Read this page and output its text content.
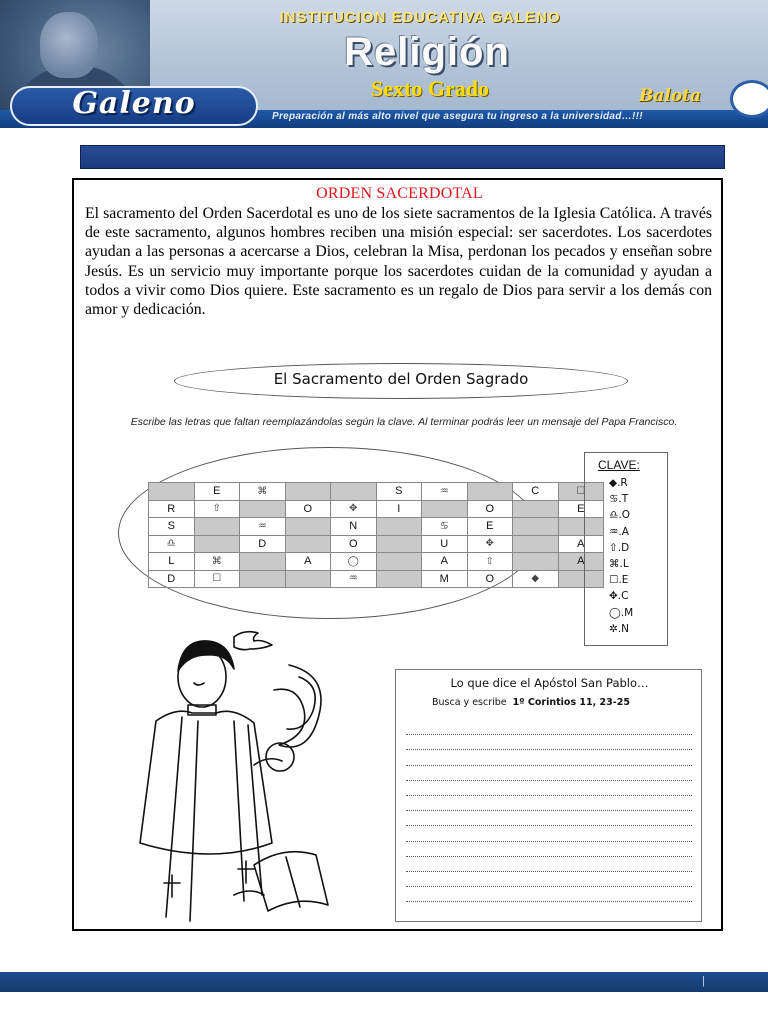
INSTITUCION EDUCATIVA GALENO
Religión
Sexto Grado
Galeno	Balota
Preparación al más alto nivel que asegura tu ingreso a la universidad…!!!
ORDEN SACERDOTAL
El sacramento del Orden Sacerdotal es uno de los siete sacramentos de la Iglesia Católica. A través de este sacramento, algunos hombres reciben una misión especial: ser sacerdotes. Los sacerdotes ayudan a las personas a acercarse a Dios, celebran la Misa, perdonan los pecados y enseñan sobre Jesús. Es un servicio muy importante porque los sacerdotes cuidan de la comunidad y ayudan a todos a vivir como Dios quiere. Este sacramento es un regalo de Dios para servir a los demás con amor y dedicación.
El Sacramento del Orden Sagrado
Escribe las letras que faltan reemplazándolas según la clave. Al terminar podrás leer un mensaje del Papa Francisco.
	E	⌘			S	♒		C	☐
R	⇧		O	✥	I		O		E
S		♒		N		♋	E		
♎		D		O		U	✥		A
L	⌘		A	◯		A	⇧		A
D	☐			♒		M	O	◆	
CLAVE:
◆.R
♋.T
♎.O
♒.A
⇧.D
⌘.L
☐.E
✥.C
◯.M
✲.N
Lo que dice el Apóstol San Pablo…
Busca y escribe 1º Corintios 11, 23-25
|
